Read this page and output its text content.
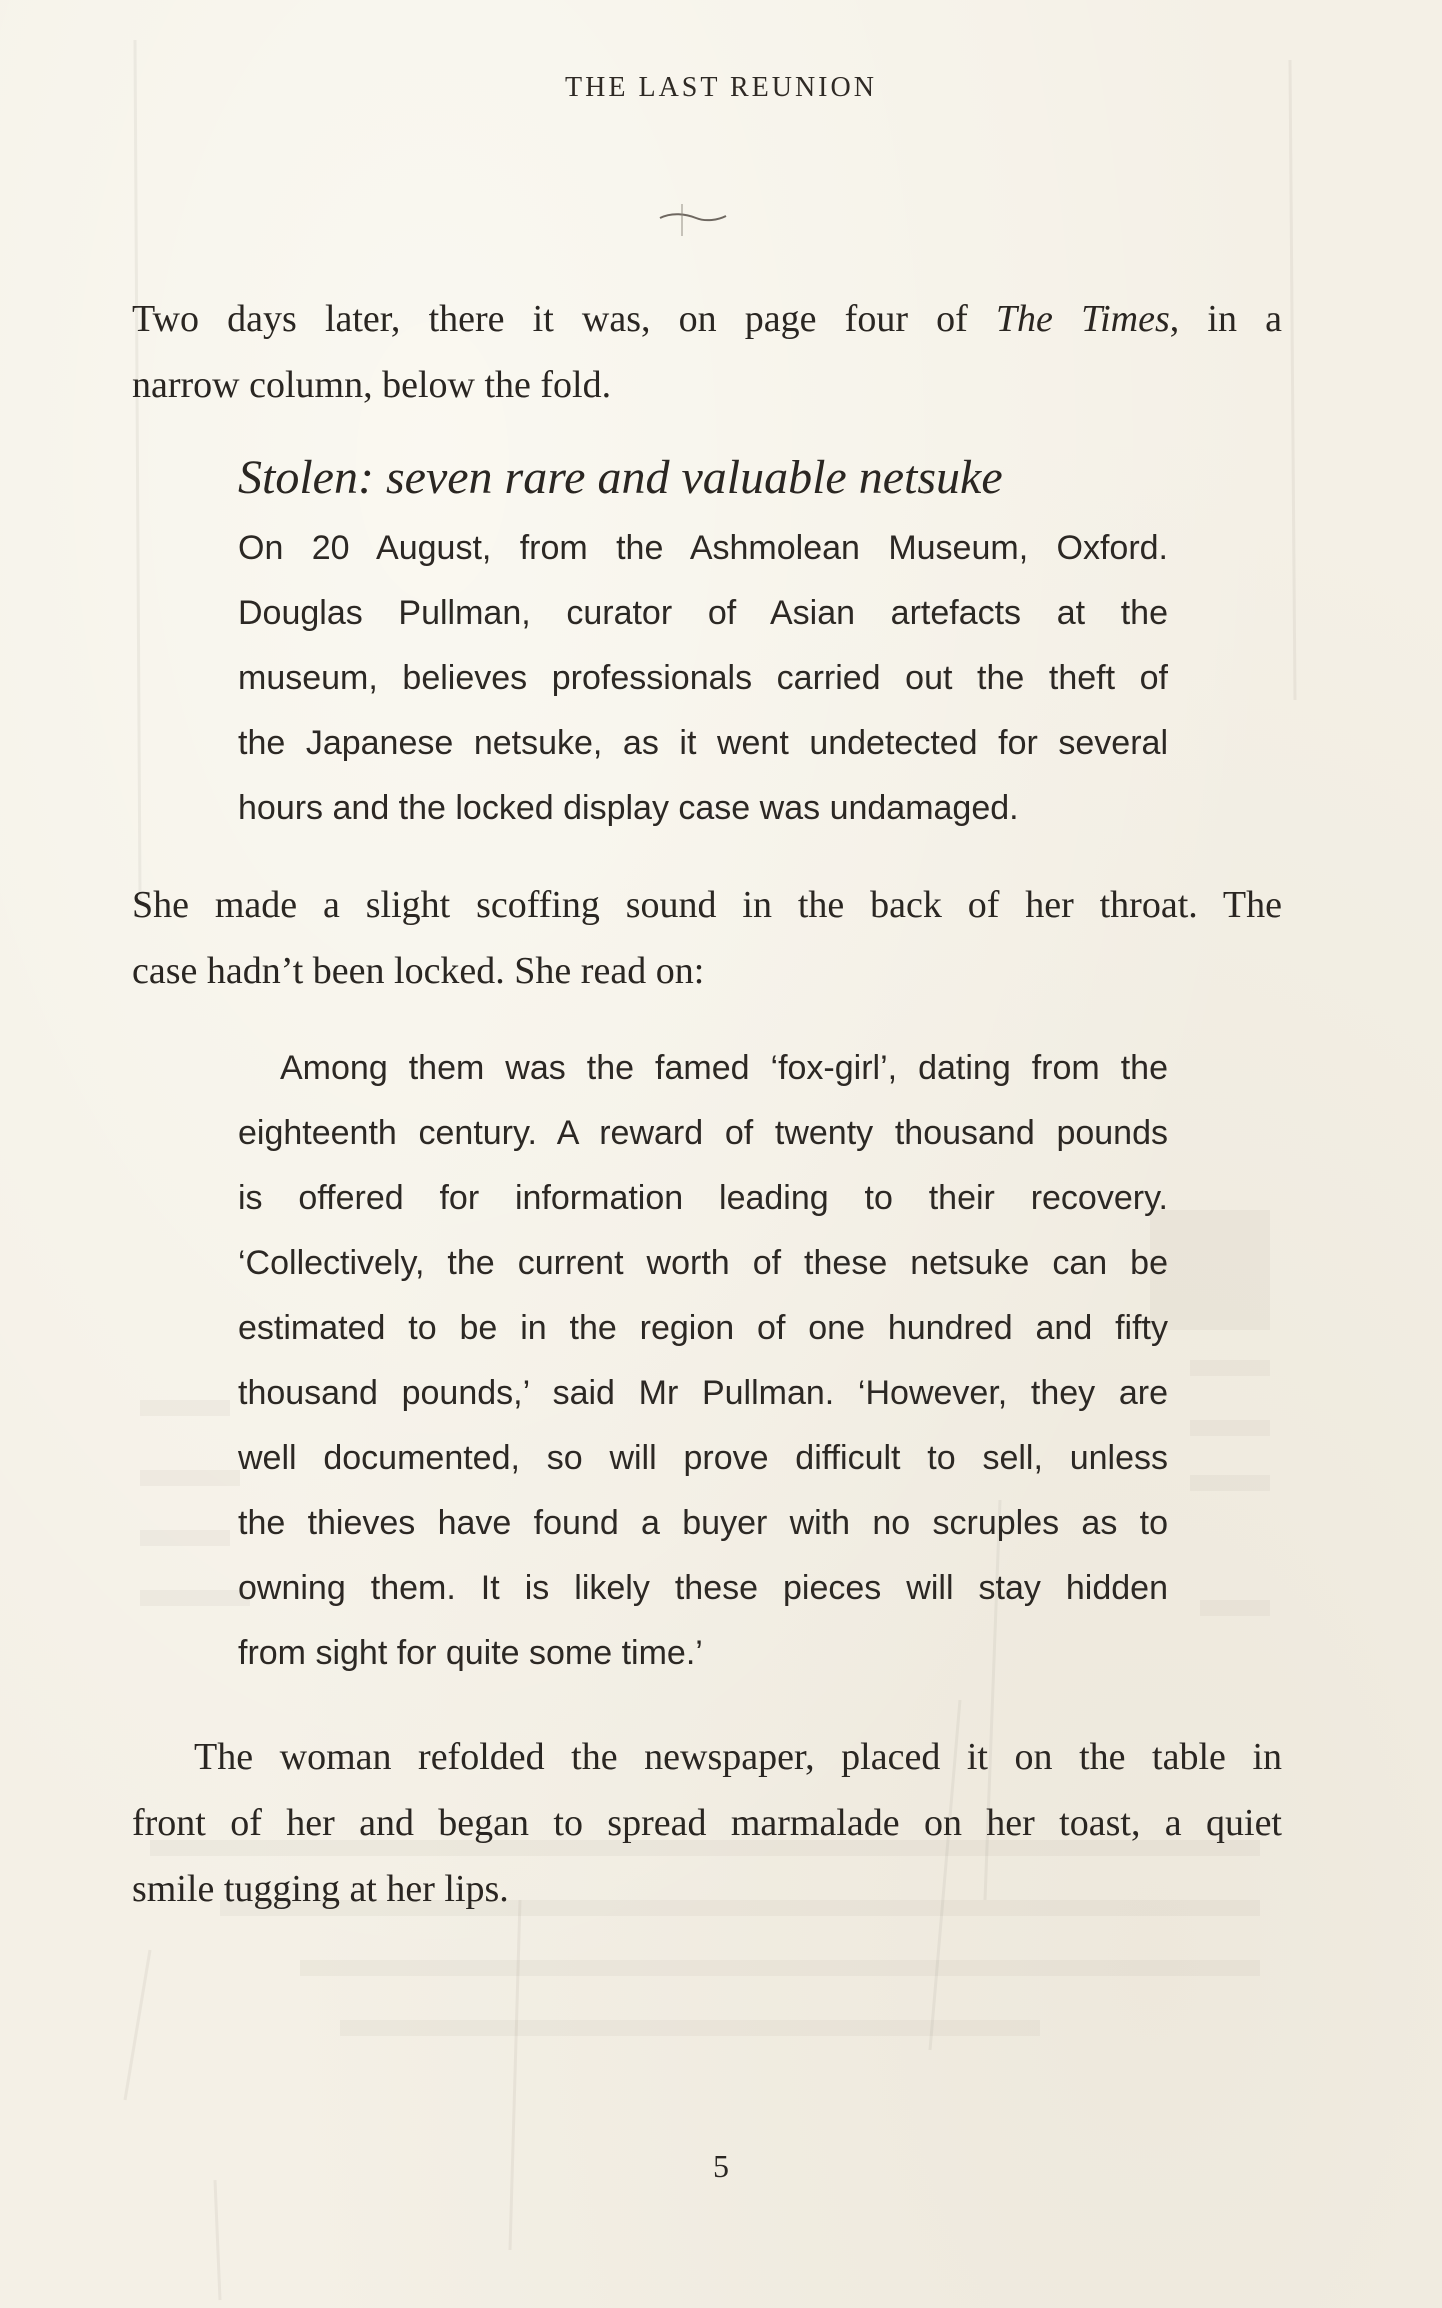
THE LAST REUNION
Two days later, there it was, on page four of The Times, in a
narrow column, below the fold.
Stolen: seven rare and valuable netsuke
On 20 August, from the Ashmolean Museum, Oxford.
Douglas Pullman, curator of Asian artefacts at the
museum, believes professionals carried out the theft of
the Japanese netsuke, as it went undetected for several
hours and the locked display case was undamaged.
She made a slight scoffing sound in the back of her throat. The
case hadn’t been locked. She read on:
Among them was the famed ‘fox-girl’, dating from the
eighteenth century. A reward of twenty thousand pounds
is offered for information leading to their recovery.
‘Collectively, the current worth of these netsuke can be
estimated to be in the region of one hundred and fifty
thousand pounds,’ said Mr Pullman. ‘However, they are
well documented, so will prove difficult to sell, unless
the thieves have found a buyer with no scruples as to
owning them. It is likely these pieces will stay hidden
from sight for quite some time.’
The woman refolded the newspaper, placed it on the table in
front of her and began to spread marmalade on her toast, a quiet
smile tugging at her lips.
5
